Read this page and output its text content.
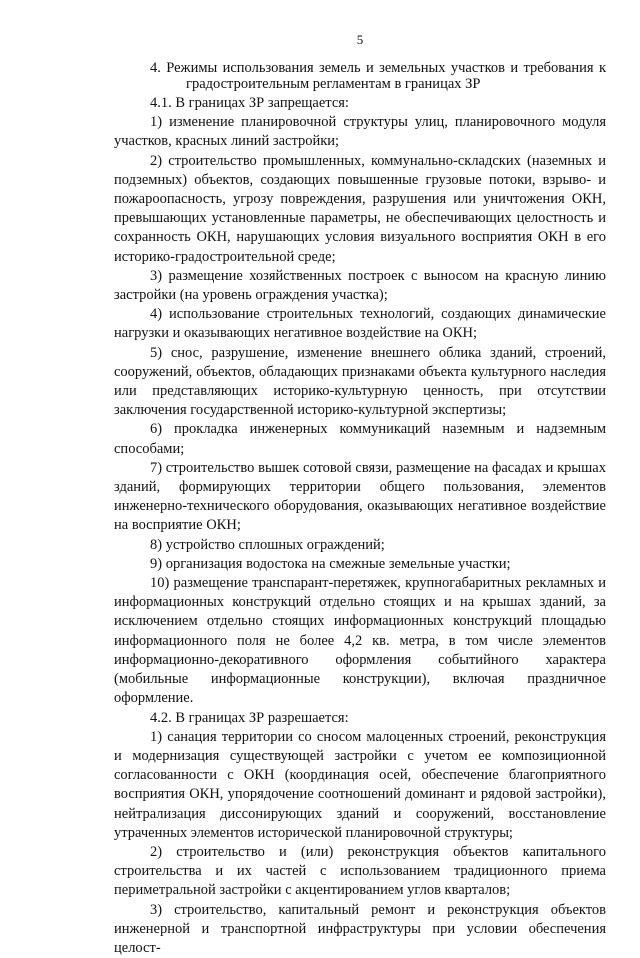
5
4. Режимы использования земель и земельных участков и требования к
градостроительным регламентам в границах ЗР

4.1. В границах ЗР запрещается:

1) изменение планировочной структуры улиц, планировочного модуля участков, красных линий застройки;

2) строительство промышленных, коммунально-складских (наземных и подземных) объектов, создающих повышенные грузовые потоки, взрыво- и пожароопасность, угрозу повреждения, разрушения или уничтожения ОКН, превышающих установленные параметры, не обеспечивающих целостность и сохранность ОКН, нарушающих условия визуального восприятия ОКН в его историко-градостроительной среде;

3) размещение хозяйственных построек с выносом на красную линию застройки (на уровень ограждения участка);

4) использование строительных технологий, создающих динамические нагрузки и оказывающих негативное воздействие на ОКН;

5) снос, разрушение, изменение внешнего облика зданий, строений, сооружений, объектов, обладающих признаками объекта культурного наследия или представляющих историко-культурную ценность, при отсутствии заключения государственной историко-культурной экспертизы;

6) прокладка инженерных коммуникаций наземным и надземным способами;

7) строительство вышек сотовой связи, размещение на фасадах и крышах зданий, формирующих территории общего пользования, элементов инженерно-технического оборудования, оказывающих негативное воздействие на восприятие ОКН;

8) устройство сплошных ограждений;

9) организация водостока на смежные земельные участки;

10) размещение транспарант-перетяжек, крупногабаритных рекламных и информационных конструкций отдельно стоящих и на крышах зданий, за исключением отдельно стоящих информационных конструкций площадью информационного поля не более 4,2 кв. метра, в том числе элементов информационно-декоративного оформления событийного характера (мобильные информационные конструкции), включая праздничное оформление.

4.2. В границах ЗР разрешается:

1) санация территории со сносом малоценных строений, реконструкция и модернизация существующей застройки с учетом ее композиционной согласованности с ОКН (координация осей, обеспечение благоприятного восприятия ОКН, упорядочение соотношений доминант и рядовой застройки), нейтрализация диссонирующих зданий и сооружений, восстановление утраченных элементов исторической планировочной структуры;

2) строительство и (или) реконструкция объектов капитального строительства и их частей с использованием традиционного приема периметральной застройки с акцентированием углов кварталов;

3) строительство, капитальный ремонт и реконструкция объектов инженерной и транспортной инфраструктуры при условии обеспечения целост-
